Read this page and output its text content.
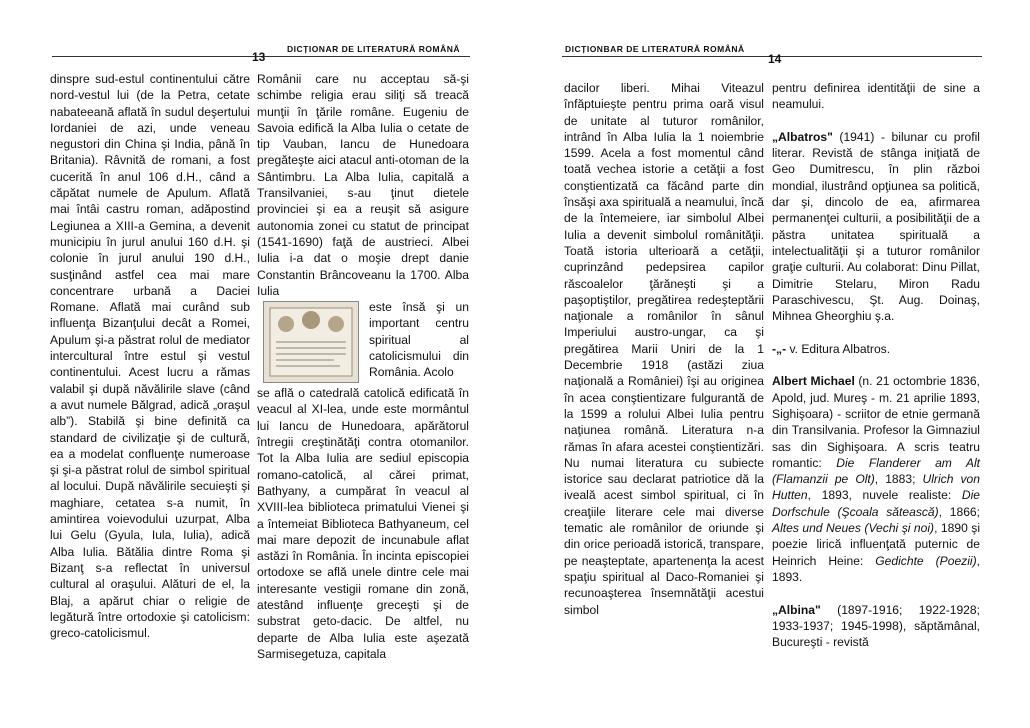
DICȚIONAR DE LITERATURĂ ROMÂNĂ
13

dinspre sud-estul continentului către nord-vestul lui (de la Petra, cetate nabateeană aflată în sudul deşertului Iordaniei de azi, unde veneau negustori din China şi India, până în Britania). Râvnită de romani, a fost cucerită în anul 106 d.H., când a căpătat numele de Apulum. Aflată mai întâi castru roman, adăpostind Legiunea a XIII-a Gemina, a devenit municipiu în jurul anului 160 d.H. şi colonie în jurul anului 190 d.H., susţinând astfel cea mai mare concentrare urbană a Daciei Romane. Aflată mai curând sub influenţa Bizanţului decât a Romei, Apulum şi-a păstrat rolul de mediator intercultural între estul şi vestul continentului. Acest lucru a rămas valabil şi după năvălirile slave (când a avut numele Bălgrad, adică „oraşul alb”). Stabilă şi bine definită ca standard de civilizaţie şi de cultură, ea a modelat confluenţe numeroase şi şi-a păstrat rolul de simbol spiritual al locului. După năvălirile secuieşti şi maghiare, cetatea s-a numit, în amintirea voievodului uzurpat, Alba lui Gelu (Gyula, Iula, Iulia), adică Alba Iulia. Bătălia dintre Roma şi Bizanţ s-a reflectat în universul cultural al oraşului. Alături de el, la Blaj, a apărut chiar o religie de legătură între ortodoxie şi catolicism: greco-catolicismul.

Românii care nu acceptau să-şi schimbe religia erau siliţi să treacă munţii în ţările române. Eugeniu de Savoia edifică la Alba Iulia o cetate de tip Vauban, Iancu de Hunedoara pregăteşte aici atacul anti-otoman de la Sântimbru. La Alba Iulia, capitală a Transilvaniei, s-au ţinut dietele provinciei şi ea a reuşit să asigure autonomia zonei cu statut de principat (1541-1690) faţă de austrieci. Albei Iulia i-a dat o moşie drept danie Constantin Brâncoveanu la 1700. Alba Iulia

este însă şi un important centru spiritual al catolicismului din România. Acolo

se află o catedrală catolică edificată în veacul al XI-lea, unde este mormântul lui Iancu de Hunedoara, apărătorul întregii creştinătăţi contra otomanilor. Tot la Alba Iulia are sediul episcopia romano-catolică, al cărei primat, Bathyany, a cumpărat în veacul al XVIII-lea biblioteca primatului Vienei şi a întemeiat Biblioteca Bathyaneum, cel mai mare depozit de incunabule aflat astăzi în România. În incinta episcopiei ortodoxe se află unele dintre cele mai interesante vestigii romane din zonă, atestând influenţe greceşti şi de substrat geto-dacic. De altfel, nu departe de Alba Iulia este aşezată Sarmisegetuza, capitala

DICȚIONBAR DE LITERATURĂ ROMÂNĂ
14

dacilor liberi. Mihai Viteazul înfăptuieşte pentru prima oară visul de unitate al tuturor românilor, intrând în Alba Iulia la 1 noiembrie 1599. Acela a fost momentul când toată vechea istorie a cetăţii a fost conştientizată ca făcând parte din însăşi axa spirituală a neamului, încă de la întemeiere, iar simbolul Albei Iulia a devenit simbolul românităţii. Toată istoria ulterioară a cetăţii, cuprinzând pedepsirea capilor răscoalelor ţărăneşti şi a paşoptiştilor, pregătirea redeşteptării naţionale a românilor în sânul Imperiului austro-ungar, ca şi pregătirea Marii Uniri de la 1 Decembrie 1918 (astăzi ziua naţională a României) îşi au originea în acea conştientizare fulgurantă de la 1599 a rolului Albei Iulia pentru naţiunea română. Literatura n-a rămas în afara acestei conştientizări. Nu numai literatura cu subiecte istorice sau declarat patriotice dă la iveală acest simbol spiritual, ci în creaţiile literare cele mai diverse tematic ale românilor de oriunde şi din orice perioadă istorică, transpare, pe neaşteptate, apartenenţa la acest spaţiu spiritual al Daco-Romaniei şi recunoaşterea însemnătăţii acestui simbol

pentru definirea identităţii de sine a neamului.

„Albatros" (1941) - bilunar cu profil literar. Revistă de stânga iniţiată de Geo Dumitrescu, în plin război mondial, ilustrând opţiunea sa politică, dar şi, dincolo de ea, afirmarea permanenţei culturii, a posibilităţii de a păstra unitatea spirituală a intelectualităţii şi a tuturor românilor graţie culturii. Au colaborat: Dinu Pillat, Dimitrie Stelaru, Miron Radu Paraschivescu, Şt. Aug. Doinaş, Mihnea Gheorghiu ş.a.

-„- v. Editura Albatros.

Albert Michael (n. 21 octombrie 1836, Apold, jud. Mureş - m. 21 aprilie 1893, Sighişoara) - scriitor de etnie germană din Transilvania. Profesor la Gimnaziul sas din Sighişoara. A scris teatru romantic: Die Flanderer am Alt (Flamanzii pe Olt), 1883; Ulrich von Hutten, 1893, nuvele realiste: Die Dorfschule (Şcoala sătească), 1866; Altes und Neues (Vechi şi noi), 1890 şi poezie lirică influenţată puternic de Heinrich Heine: Gedichte (Poezii), 1893.

„Albina" (1897-1916; 1922-1928; 1933-1937; 1945-1998), săptămânal, Bucureşti - revistă
